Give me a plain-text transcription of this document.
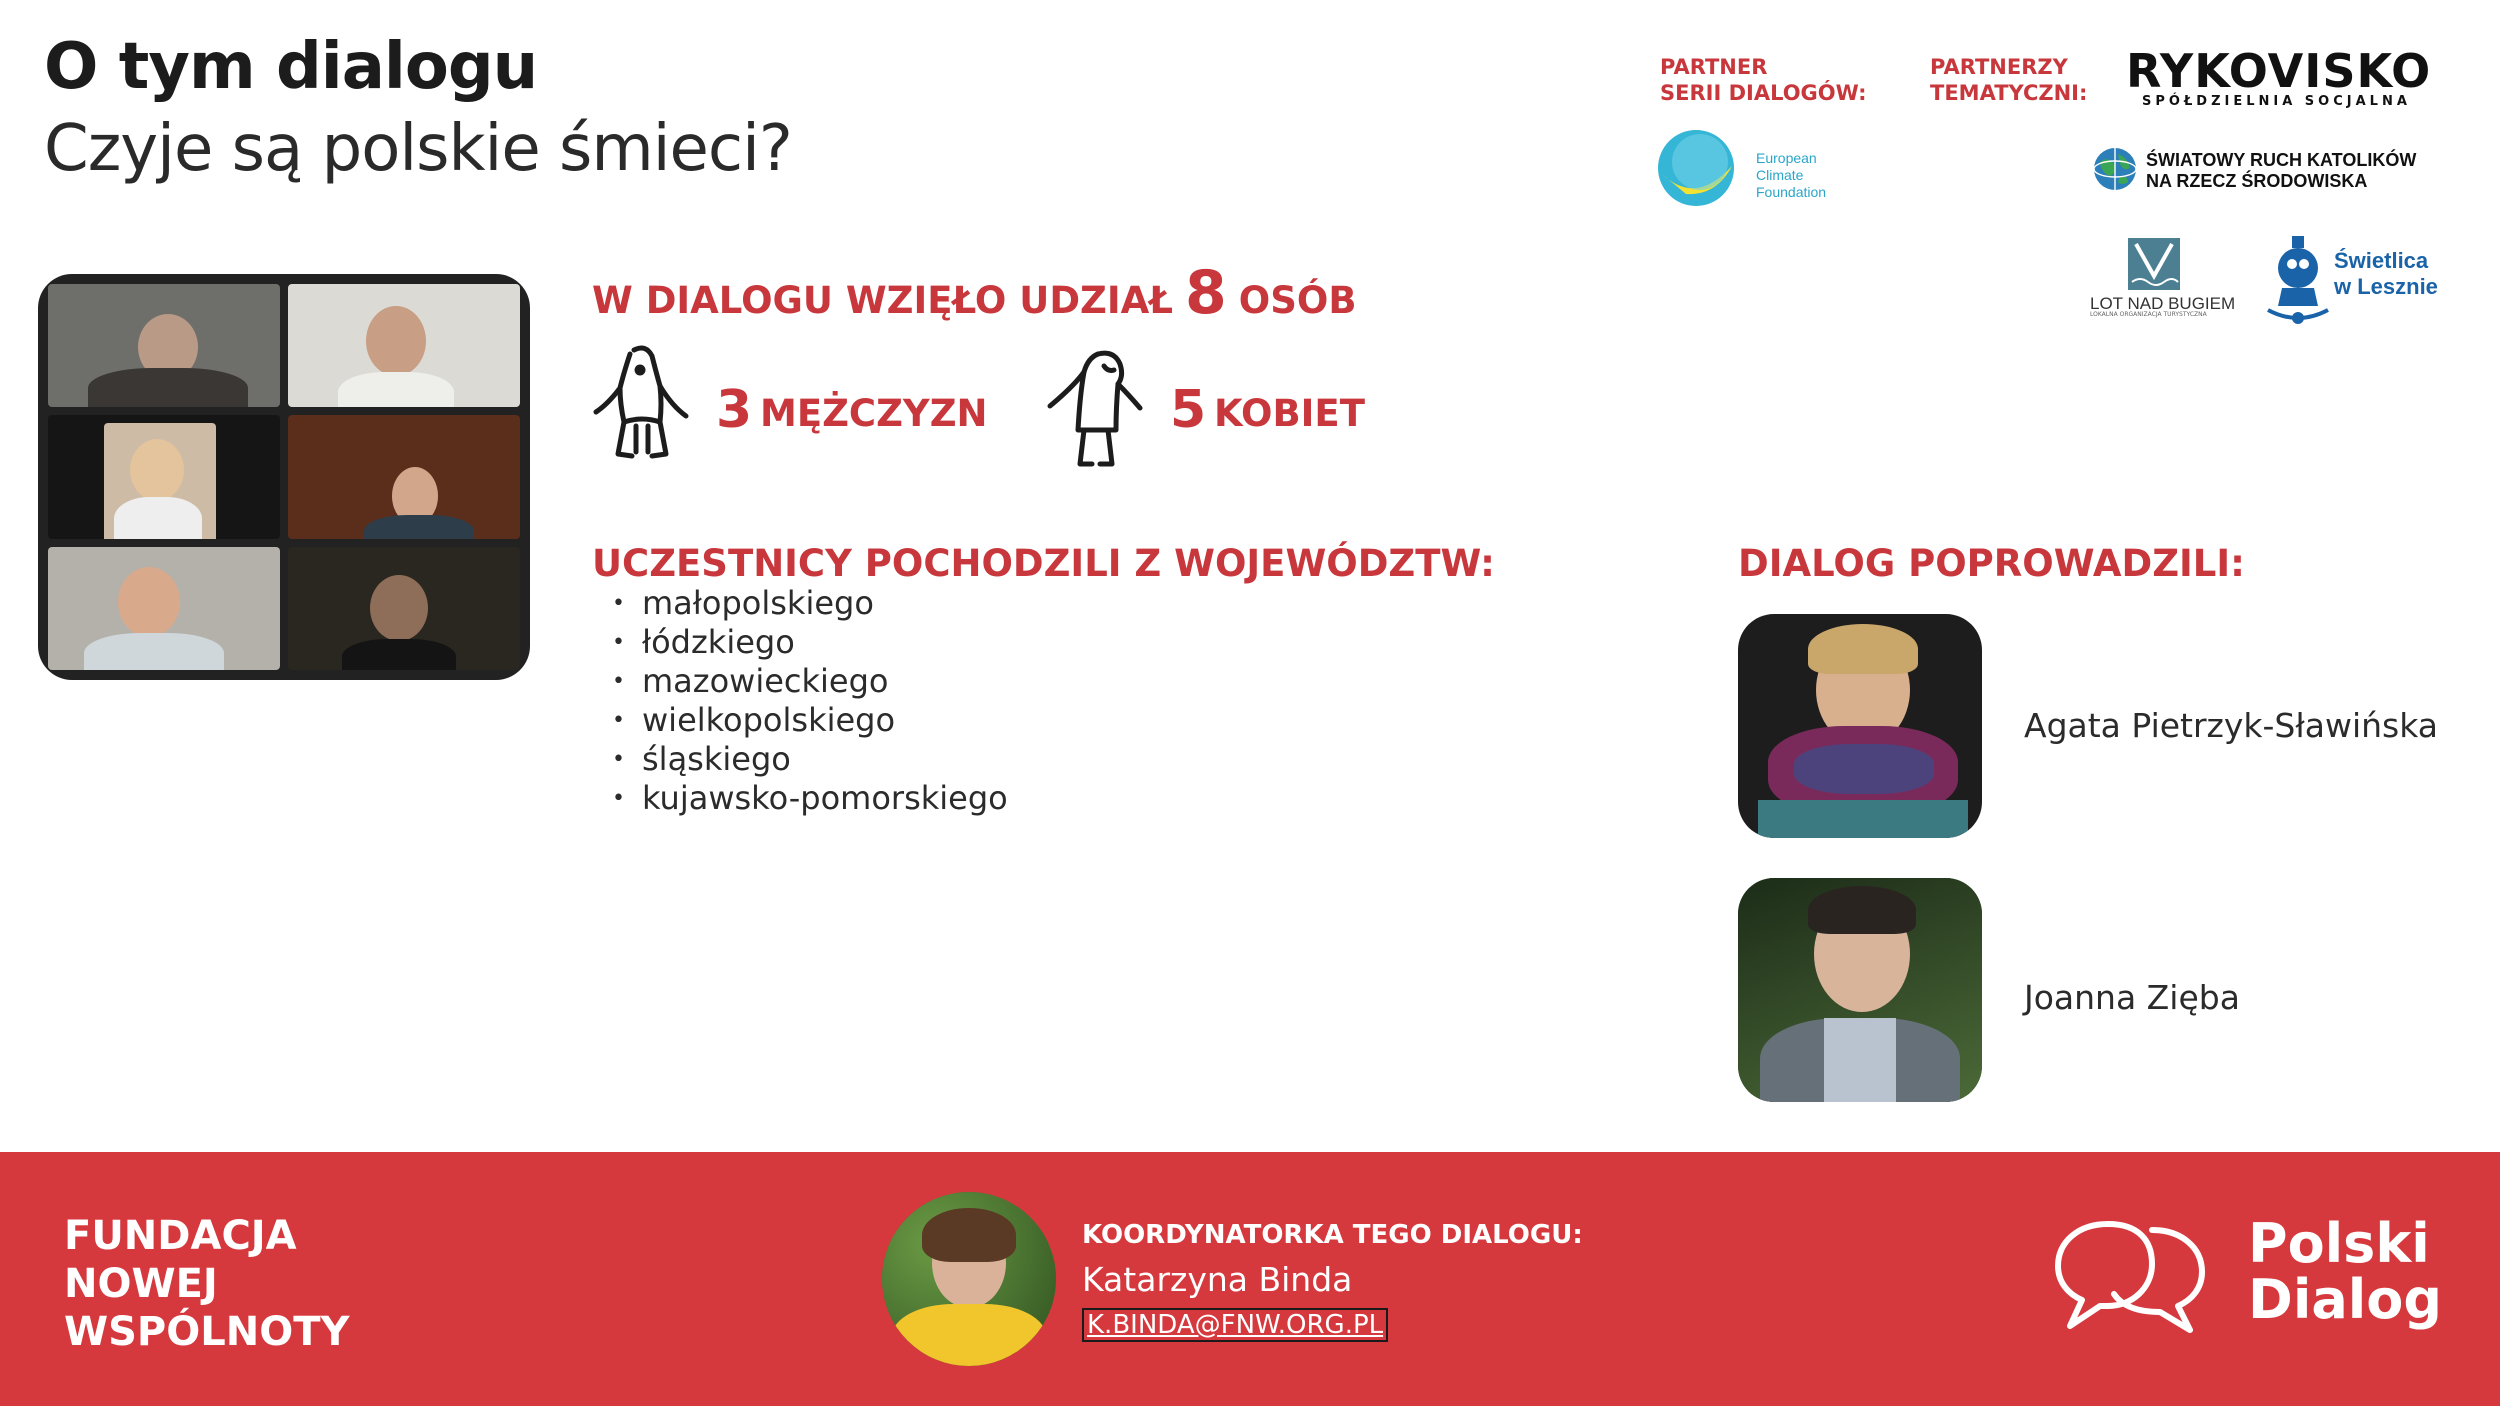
O tym dialogu
Czyje są polskie śmieci?
PARTNER
SERII DIALOGÓW:
PARTNERZY
TEMATYCZNI:
European
Climate
Foundation
RYKOVISKO
SPÓŁDZIELNIA SOCJALNA
ŚWIATOWY RUCH KATOLIKÓW
NA RZECZ ŚRODOWISKA
LOT NAD BUGIEM
LOKALNA ORGANIZACJA TURYSTYCZNA
Świetlica
w Lesznie
W DIALOGU WZIĘŁO UDZIAŁ 8 OSÓB
3 MĘŻCZYZN	5 KOBIET
UCZESTNICY POCHODZILI Z WOJEWÓDZTW:
• małopolskiego
• łódzkiego
• mazowieckiego
• wielkopolskiego
• śląskiego
• kujawsko-pomorskiego
DIALOG POPROWADZILI:
Agata Pietrzyk-Sławińska
Joanna Zięba
FUNDACJA
NOWEJ
WSPÓLNOTY
KOORDYNATORKA TEGO DIALOGU:
Katarzyna Binda
K.BINDA@FNW.ORG.PL
Polski
Dialog
